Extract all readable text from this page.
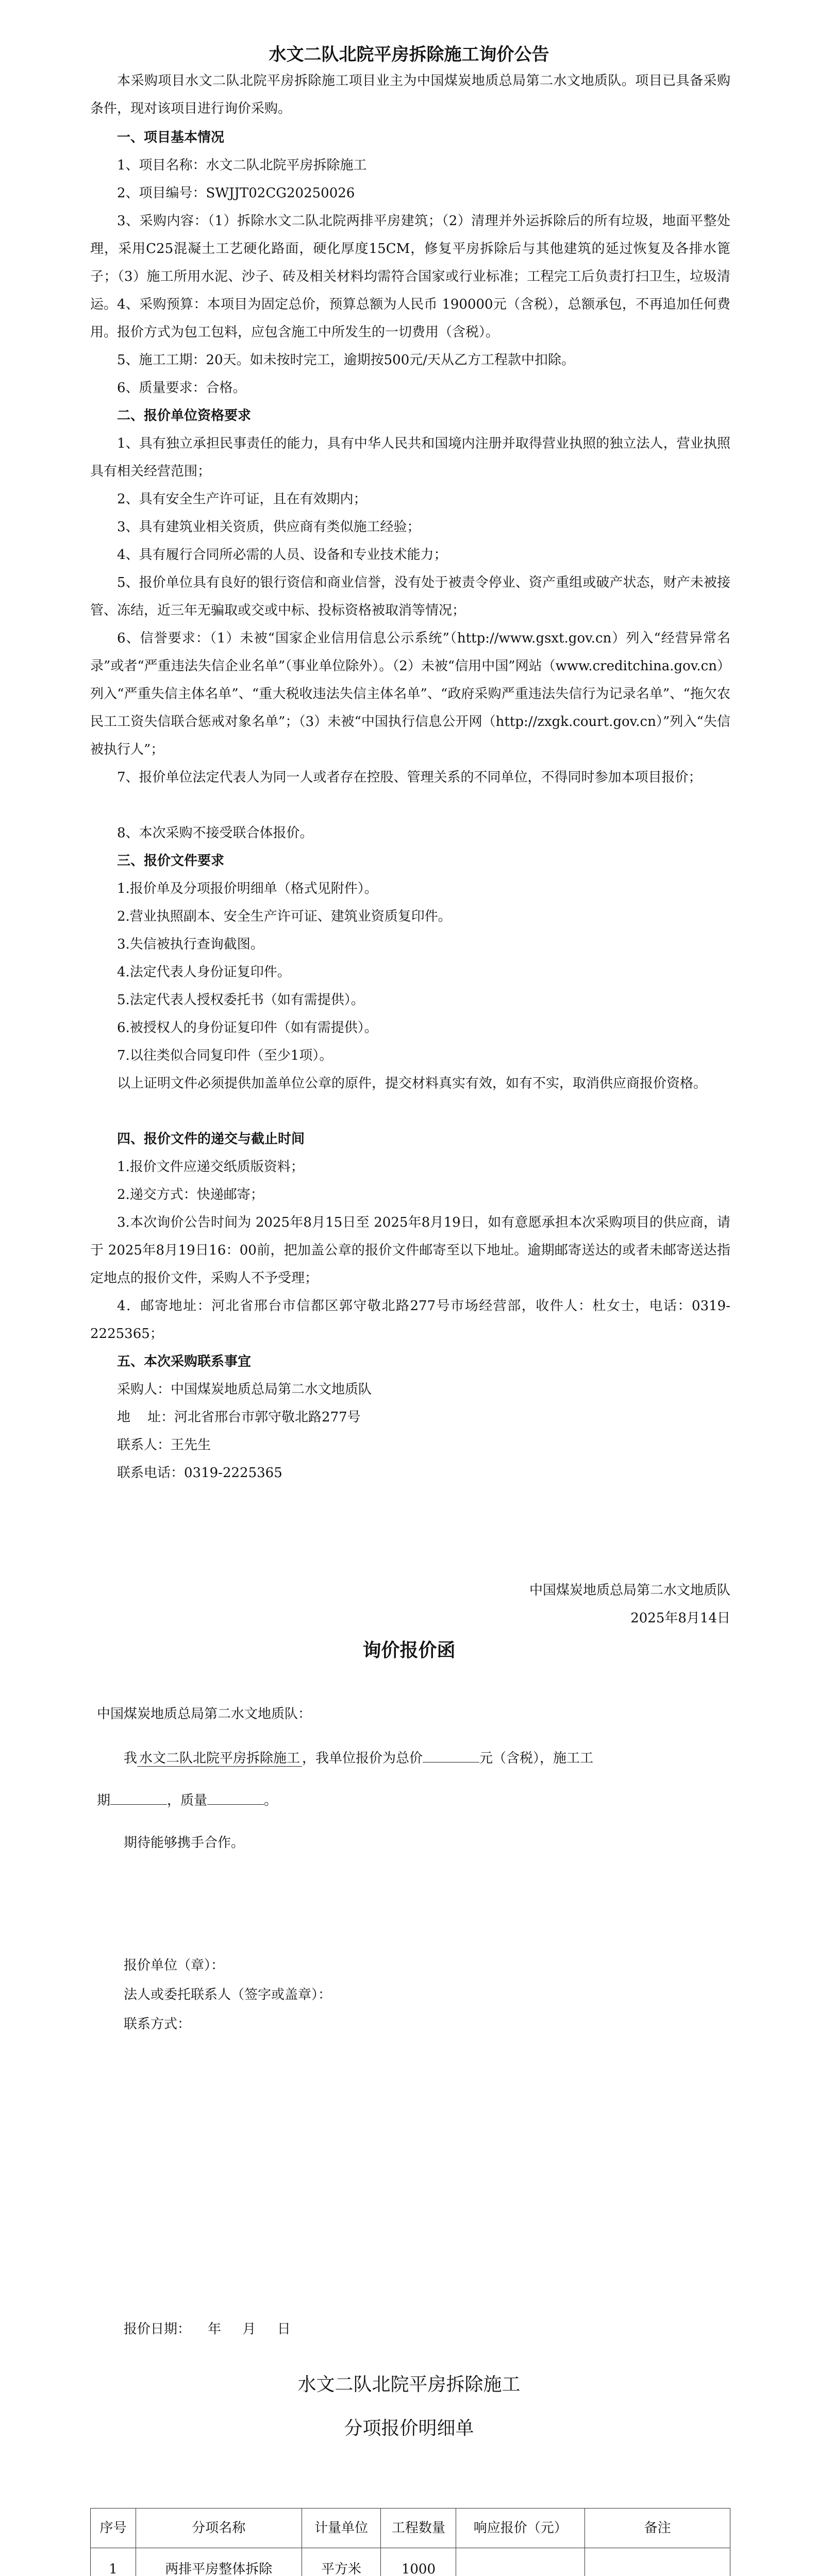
水文二队北院平房拆除施工询价公告

本采购项目水文二队北院平房拆除施工项目业主为中国煤炭地质总局第二水文地质队。项目已具备采购条件，现对该项目进行询价采购。

一、项目基本情况

1、项目名称：水文二队北院平房拆除施工

2、项目编号：SWJJT02CG20250026

3、采购内容：（1）拆除水文二队北院两排平房建筑；（2）清理并外运拆除后的所有垃圾，地面平整处理，采用C25混凝土工艺硬化路面，硬化厚度15CM，修复平房拆除后与其他建筑的延过恢复及各排水篦子；（3）施工所用水泥、沙子、砖及相关材料均需符合国家或行业标准；工程完工后负责打扫卫生，垃圾清运。 4、采购预算：本项目为固定总价，预算总额为人民币 190000元（含税），总额承包，不再追加任何费用。报价方式为包工包料，应包含施工中所发生的一切费用（含税）。

5、施工工期：20天。如未按时完工，逾期按500元/天从乙方工程款中扣除。

6、质量要求：合格。

二、报价单位资格要求

1、具有独立承担民事责任的能力，具有中华人民共和国境内注册并取得营业执照的独立法人，营业执照具有相关经营范围；

2、具有安全生产许可证，且在有效期内；

3、具有建筑业相关资质，供应商有类似施工经验；

4、具有履行合同所必需的人员、设备和专业技术能力；

5、报价单位具有良好的银行资信和商业信誉，没有处于被责令停业、资产重组或破产状态，财产未被接管、冻结，近三年无骗取或交或中标、投标资格被取消等情况；

6、信誉要求：（1）未被“国家企业信用信息公示系统”（http://www.gsxt.gov.cn）列入“经营异常名录”或者“严重违法失信企业名单”（事业单位除外）。（2）未被“信用中国”网站（www.creditchina.gov.cn）列入“严重失信主体名单”、“重大税收违法失信主体名单”、“政府采购严重违法失信行为记录名单”、“拖欠农民工工资失信联合惩戒对象名单”；（3）未被“中国执行信息公开网（http://zxgk.court.gov.cn）”列入“失信被执行人”；

7、报价单位法定代表人为同一人或者存在控股、管理关系的不同单位，不得同时参加本项目报价；

8、本次采购不接受联合体报价。

三、报价文件要求

1.报价单及分项报价明细单（格式见附件）。

2.营业执照副本、安全生产许可证、建筑业资质复印件。

3.失信被执行查询截图。

4.法定代表人身份证复印件。

5.法定代表人授权委托书（如有需提供）。

6.被授权人的身份证复印件（如有需提供）。

7.以往类似合同复印件（至少1项）。

以上证明文件必须提供加盖单位公章的原件，提交材料真实有效，如有不实，取消供应商报价资格。

四、报价文件的递交与截止时间

1.报价文件应递交纸质版资料；

2.递交方式：快递邮寄；

3.本次询价公告时间为 2025年8月15日至 2025年8月19日，如有意愿承担本次采购项目的供应商，请于 2025年8月19日16：00前，把加盖公章的报价文件邮寄至以下地址。逾期邮寄送达的或者未邮寄送达指定地点的报价文件，采购人不予受理；

4．邮寄地址：河北省邢台市信都区郭守敬北路277号市场经营部，收件人：杜女士，电话：0319-2225365；

五、本次采购联系事宜

采购人：中国煤炭地质总局第二水文地质队

地    址：河北省邢台市郭守敬北路277号

联系人：王先生

联系电话：0319-2225365

中国煤炭地质总局第二水文地质队

2025年8月14日

询价报价函

中国煤炭地质总局第二水文地质队：

我 水文二队北院平房拆除施工 ，我单位报价为总价	元（含税），施工工

期	，质量	。

期待能够携手合作。

报价单位（章）：

法人或委托联系人（签字或盖章）：

联系方式：

报价日期：    年     月     日

水文二队北院平房拆除施工
分项报价明细单
序号	分项名称	计量单位	工程数量	响应报价（元）	备注
1	两排平房整体拆除	平方米	1000		
